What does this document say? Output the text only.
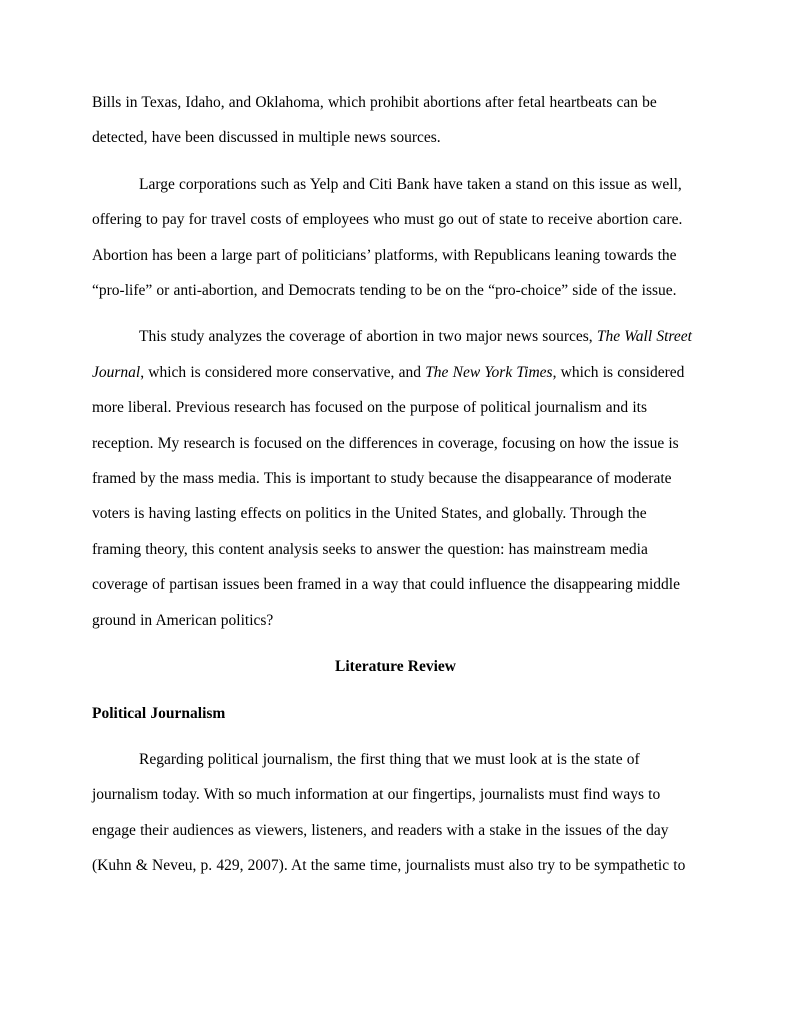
Bills in Texas, Idaho, and Oklahoma, which prohibit abortions after fetal heartbeats can be detected, have been discussed in multiple news sources.

Large corporations such as Yelp and Citi Bank have taken a stand on this issue as well, offering to pay for travel costs of employees who must go out of state to receive abortion care. Abortion has been a large part of politicians’ platforms, with Republicans leaning towards the “pro-life” or anti-abortion, and Democrats tending to be on the “pro-choice” side of the issue.

This study analyzes the coverage of abortion in two major news sources, The Wall Street Journal, which is considered more conservative, and The New York Times, which is considered more liberal. Previous research has focused on the purpose of political journalism and its reception. My research is focused on the differences in coverage, focusing on how the issue is framed by the mass media. This is important to study because the disappearance of moderate voters is having lasting effects on politics in the United States, and globally. Through the framing theory, this content analysis seeks to answer the question: has mainstream media coverage of partisan issues been framed in a way that could influence the disappearing middle ground in American politics?

Literature Review

Political Journalism

Regarding political journalism, the first thing that we must look at is the state of journalism today. With so much information at our fingertips, journalists must find ways to engage their audiences as viewers, listeners, and readers with a stake in the issues of the day (Kuhn & Neveu, p. 429, 2007). At the same time, journalists must also try to be sympathetic to
